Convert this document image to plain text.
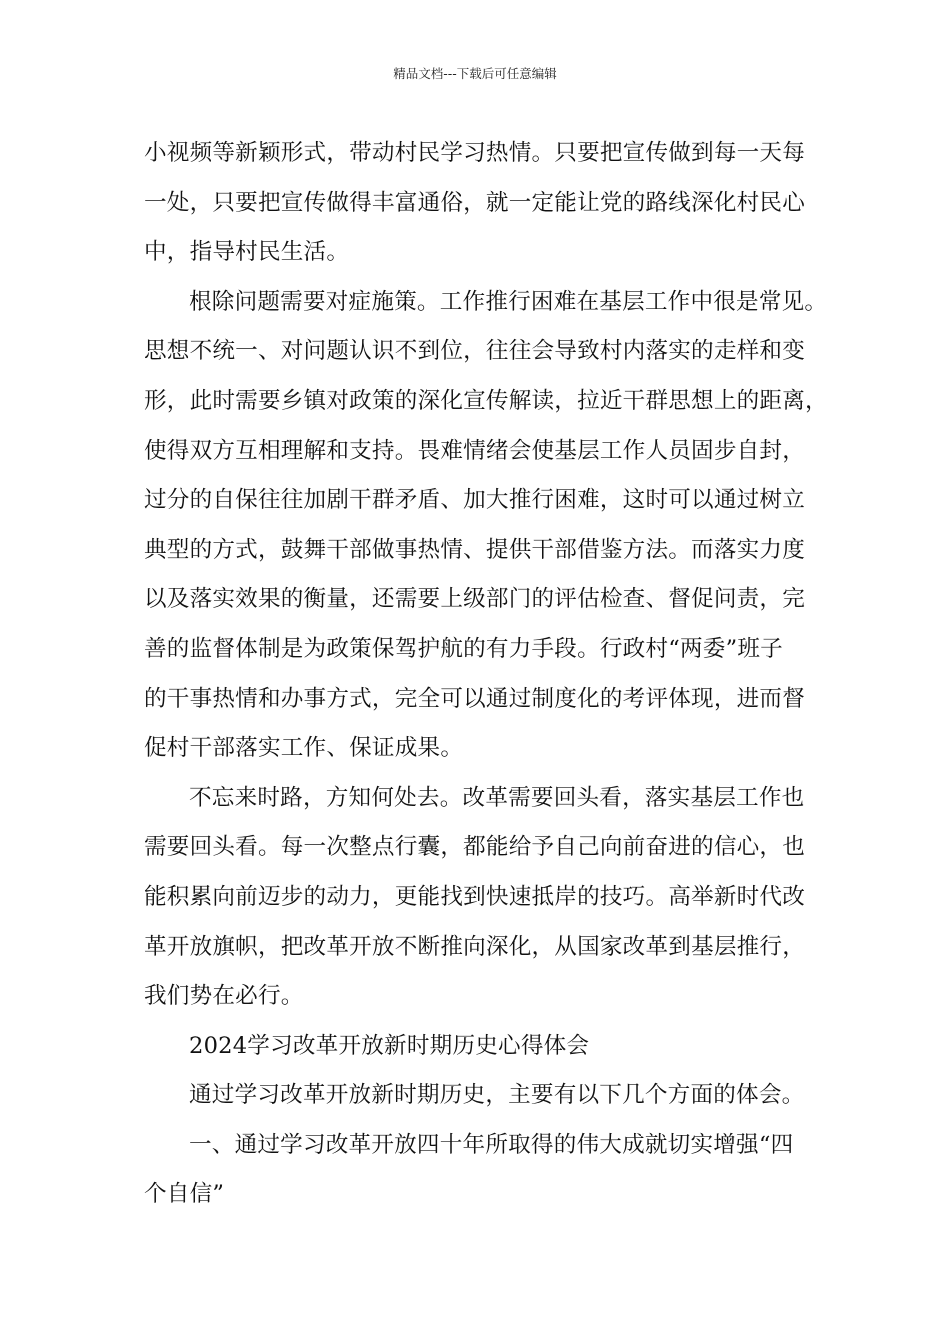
精品文档---下载后可任意编辑
小视频等新颖形式，带动村民学习热情。只要把宣传做到每一天每
一处，只要把宣传做得丰富通俗，就一定能让党的路线深化村民心
中，指导村民生活。
根除问题需要对症施策。工作推行困难在基层工作中很是常见。
思想不统一、对问题认识不到位，往往会导致村内落实的走样和变
形，此时需要乡镇对政策的深化宣传解读，拉近干群思想上的距离，
使得双方互相理解和支持。畏难情绪会使基层工作人员固步自封，
过分的自保往往加剧干群矛盾、加大推行困难，这时可以通过树立
典型的方式，鼓舞干部做事热情、提供干部借鉴方法。而落实力度
以及落实效果的衡量，还需要上级部门的评估检查、督促问责，完
善的监督体制是为政策保驾护航的有力手段。行政村“两委”班子
的干事热情和办事方式，完全可以通过制度化的考评体现，进而督
促村干部落实工作、保证成果。
不忘来时路，方知何处去。改革需要回头看，落实基层工作也
需要回头看。每一次整点行囊，都能给予自己向前奋进的信心，也
能积累向前迈步的动力，更能找到快速抵岸的技巧。高举新时代改
革开放旗帜，把改革开放不断推向深化，从国家改革到基层推行，
我们势在必行。
2024学习改革开放新时期历史心得体会
通过学习改革开放新时期历史，主要有以下几个方面的体会。
一、通过学习改革开放四十年所取得的伟大成就切实增强“四
个自信”
